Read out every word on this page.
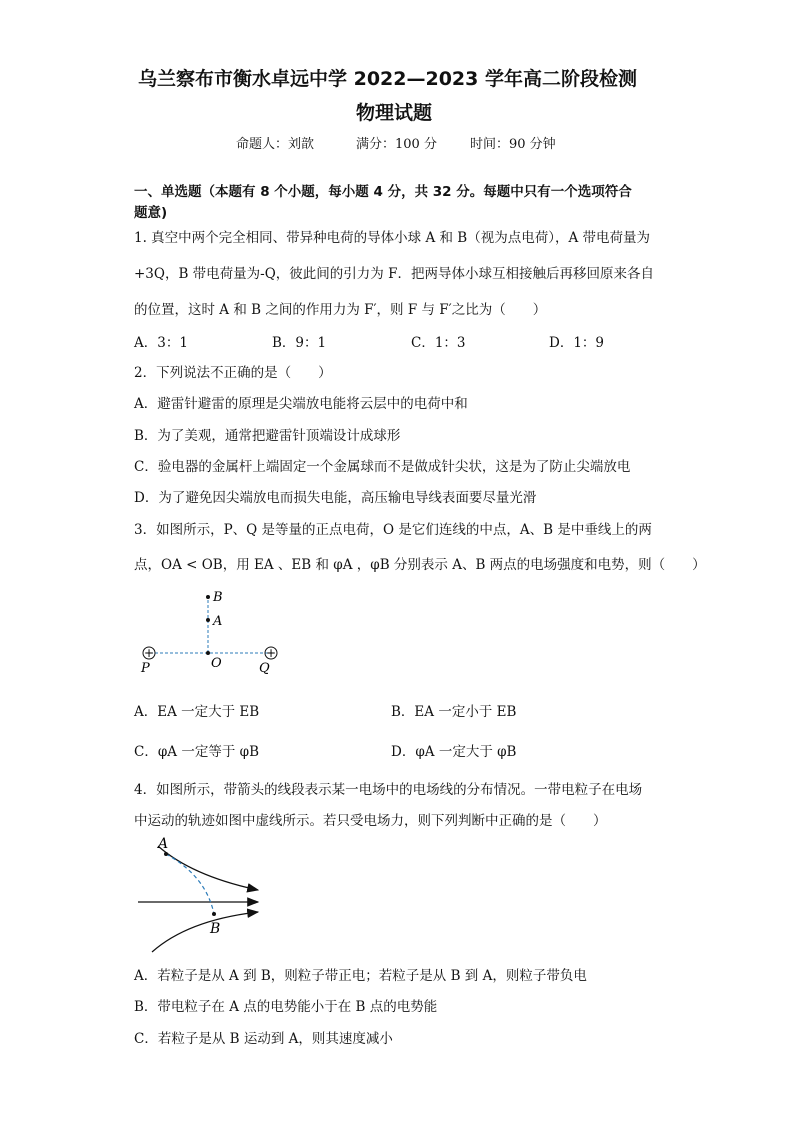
乌兰察布市衡水卓远中学 2022—2023 学年高二阶段检测
物理试题
命题人：刘歆	满分：100 分	时间：90 分钟
一、单选题（本题有 8 个小题，每小题 4 分，共 32 分。每题中只有一个选项符合
题意)
1. 真空中两个完全相同、带异种电荷的导体小球 A 和 B（视为点电荷），A 带电荷量为
+3Q，B 带电荷量为-Q，彼此间的引力为 F．把两导体小球互相接触后再移回原来各自
的位置，这时 A 和 B 之间的作用力为 F′，则 F 与 F′之比为（　　）
A．3：1	B．9：1	C．1：3	D．1：9
2．下列说法不正确的是（　　）
A．避雷针避雷的原理是尖端放电能将云层中的电荷中和
B．为了美观，通常把避雷针顶端设计成球形
C．验电器的金属杆上端固定一个金属球而不是做成针尖状，这是为了防止尖端放电
D．为了避免因尖端放电而损失电能，高压输电导线表面要尽量光滑
3．如图所示，P、Q 是等量的正点电荷，O 是它们连线的中点，A、B 是中垂线上的两
点，OA < OB，用 EA 、EB 和 φA ，φB 分别表示 A、B 两点的电场强度和电势，则（　　）
+	+
B
A
O
P	Q
A．EA 一定大于 EB	B．EA 一定小于 EB
C．φA 一定等于 φB	D．φA 一定大于 φB
4．如图所示，带箭头的线段表示某一电场中的电场线的分布情况。一带电粒子在电场
中运动的轨迹如图中虚线所示。若只受电场力，则下列判断中正确的是（　　）
A
B
A．若粒子是从 A 到 B，则粒子带正电；若粒子是从 B 到 A，则粒子带负电
B．带电粒子在 A 点的电势能小于在 B 点的电势能
C．若粒子是从 B 运动到 A，则其速度减小
